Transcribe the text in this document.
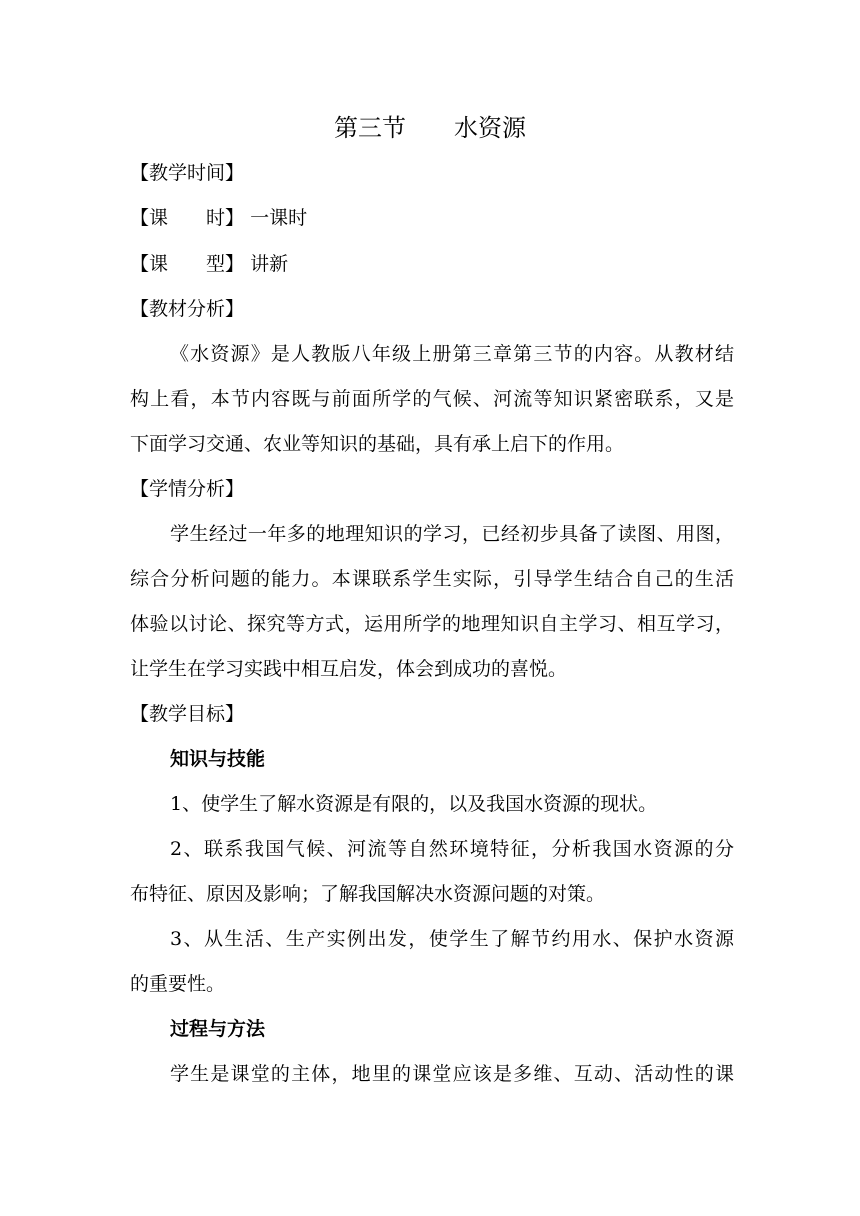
第三节　　水资源
【教学时间】
【课　　时】 一课时
【课　　型】 讲新
【教材分析】
《水资源》是人教版八年级上册第三章第三节的内容。从教材结
构上看，本节内容既与前面所学的气候、河流等知识紧密联系，又是
下面学习交通、农业等知识的基础，具有承上启下的作用。
【学情分析】
学生经过一年多的地理知识的学习，已经初步具备了读图、用图，
综合分析问题的能力。本课联系学生实际，引导学生结合自己的生活
体验以讨论、探究等方式，运用所学的地理知识自主学习、相互学习，
让学生在学习实践中相互启发，体会到成功的喜悦。
【教学目标】
知识与技能
1、使学生了解水资源是有限的，以及我国水资源的现状。
2、联系我国气候、河流等自然环境特征，分析我国水资源的分
布特征、原因及影响；了解我国解决水资源问题的对策。
3、从生活、生产实例出发，使学生了解节约用水、保护水资源
的重要性。
过程与方法
学生是课堂的主体，地里的课堂应该是多维、互动、活动性的课
